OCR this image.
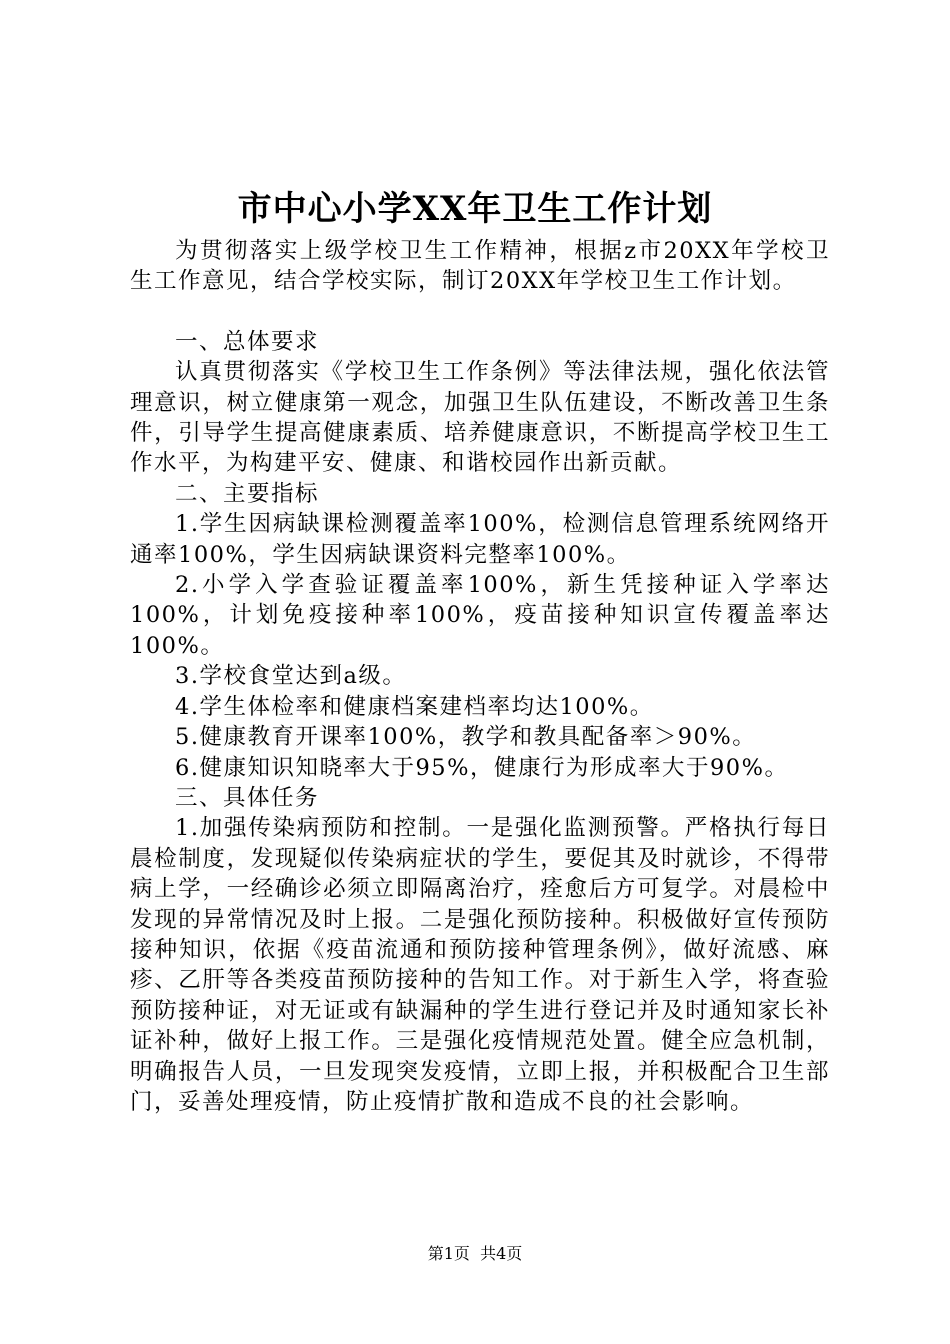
市中心小学XX年卫生工作计划

为贯彻落实上级学校卫生工作精神，根据z市20XX年学校卫生工作意见，结合学校实际，制订20XX年学校卫生工作计划。

一、总体要求

认真贯彻落实《学校卫生工作条例》等法律法规，强化依法管理意识，树立健康第一观念，加强卫生队伍建设，不断改善卫生条件，引导学生提高健康素质、培养健康意识，不断提高学校卫生工作水平，为构建平安、健康、和谐校园作出新贡献。

二、主要指标

1.学生因病缺课检测覆盖率100%，检测信息管理系统网络开通率100%，学生因病缺课资料完整率100%。

2.小学入学查验证覆盖率100%，新生凭接种证入学率达100%，计划免疫接种率100%，疫苗接种知识宣传覆盖率达100%。

3.学校食堂达到a级。

4.学生体检率和健康档案建档率均达100%。

5.健康教育开课率100%，教学和教具配备率＞90%。

6.健康知识知晓率大于95%，健康行为形成率大于90%。

三、具体任务

1.加强传染病预防和控制。一是强化监测预警。严格执行每日晨检制度，发现疑似传染病症状的学生，要促其及时就诊，不得带病上学，一经确诊必须立即隔离治疗，痊愈后方可复学。对晨检中发现的异常情况及时上报。二是强化预防接种。积极做好宣传预防接种知识，依据《疫苗流通和预防接种管理条例》，做好流感、麻疹、乙肝等各类疫苗预防接种的告知工作。对于新生入学，将查验预防接种证，对无证或有缺漏种的学生进行登记并及时通知家长补证补种，做好上报工作。三是强化疫情规范处置。健全应急机制，明确报告人员，一旦发现突发疫情，立即上报，并积极配合卫生部门，妥善处理疫情，防止疫情扩散和造成不良的社会影响。

第1页 共4页
